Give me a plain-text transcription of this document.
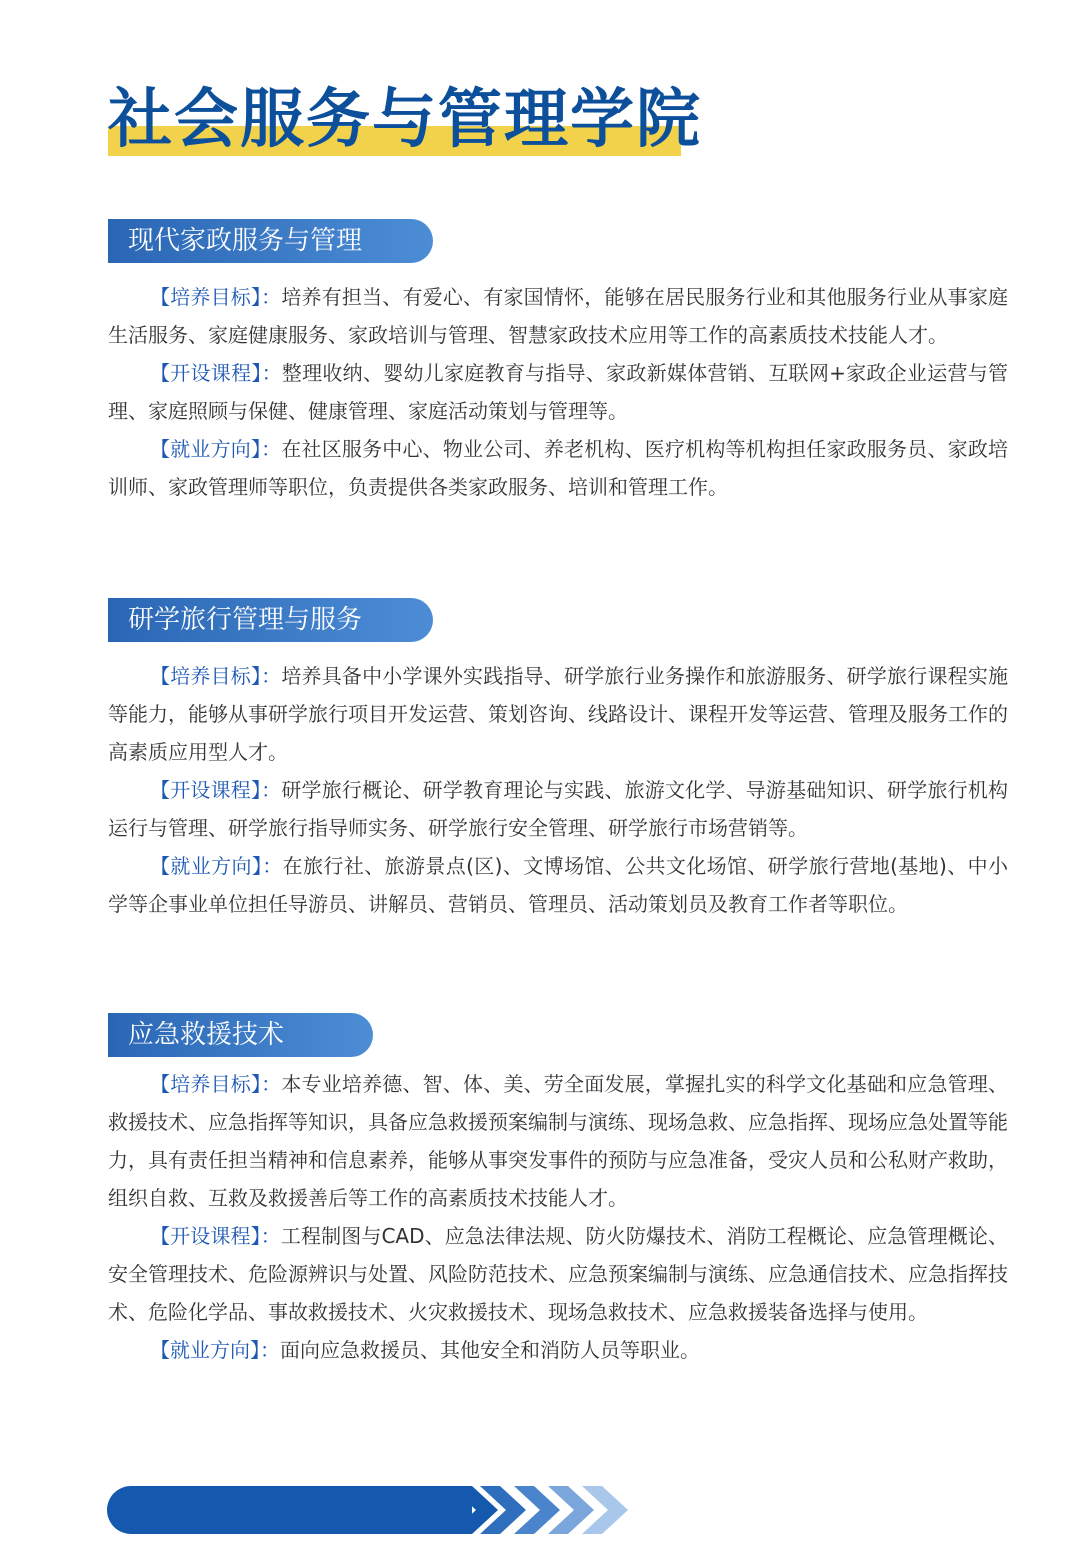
社会服务与管理学院
现代家政服务与管理

【培养目标】：培养有担当、有爱心、有家国情怀，能够在居民服务行业和其他服务行业从事家庭生活服务、家庭健康服务、家政培训与管理、智慧家政技术应用等工作的高素质技术技能人才。

【开设课程】：整理收纳、婴幼儿家庭教育与指导、家政新媒体营销、互联网+家政企业运营与管理、家庭照顾与保健、健康管理、家庭活动策划与管理等。

【就业方向】：在社区服务中心、物业公司、养老机构、医疗机构等机构担任家政服务员、家政培训师、家政管理师等职位，负责提供各类家政服务、培训和管理工作。

研学旅行管理与服务

【培养目标】：培养具备中小学课外实践指导、研学旅行业务操作和旅游服务、研学旅行课程实施等能力，能够从事研学旅行项目开发运营、策划咨询、线路设计、课程开发等运营、管理及服务工作的高素质应用型人才。

【开设课程】：研学旅行概论、研学教育理论与实践、旅游文化学、导游基础知识、研学旅行机构运行与管理、研学旅行指导师实务、研学旅行安全管理、研学旅行市场营销等。

【就业方向】：在旅行社、旅游景点(区)、文博场馆、公共文化场馆、研学旅行营地(基地)、中小学等企事业单位担任导游员、讲解员、营销员、管理员、活动策划员及教育工作者等职位。

应急救援技术

【培养目标】：本专业培养德、智、体、美、劳全面发展，掌握扎实的科学文化基础和应急管理、救援技术、应急指挥等知识，具备应急救援预案编制与演练、现场急救、应急指挥、现场应急处置等能力，具有责任担当精神和信息素养，能够从事突发事件的预防与应急准备，受灾人员和公私财产救助，组织自救、互救及救援善后等工作的高素质技术技能人才。

【开设课程】：工程制图与CAD、应急法律法规、防火防爆技术、消防工程概论、应急管理概论、安全管理技术、危险源辨识与处置、风险防范技术、应急预案编制与演练、应急通信技术、应急指挥技术、危险化学品、事故救援技术、火灾救援技术、现场急救技术、应急救援装备选择与使用。

【就业方向】：面向应急救援员、其他安全和消防人员等职业。
